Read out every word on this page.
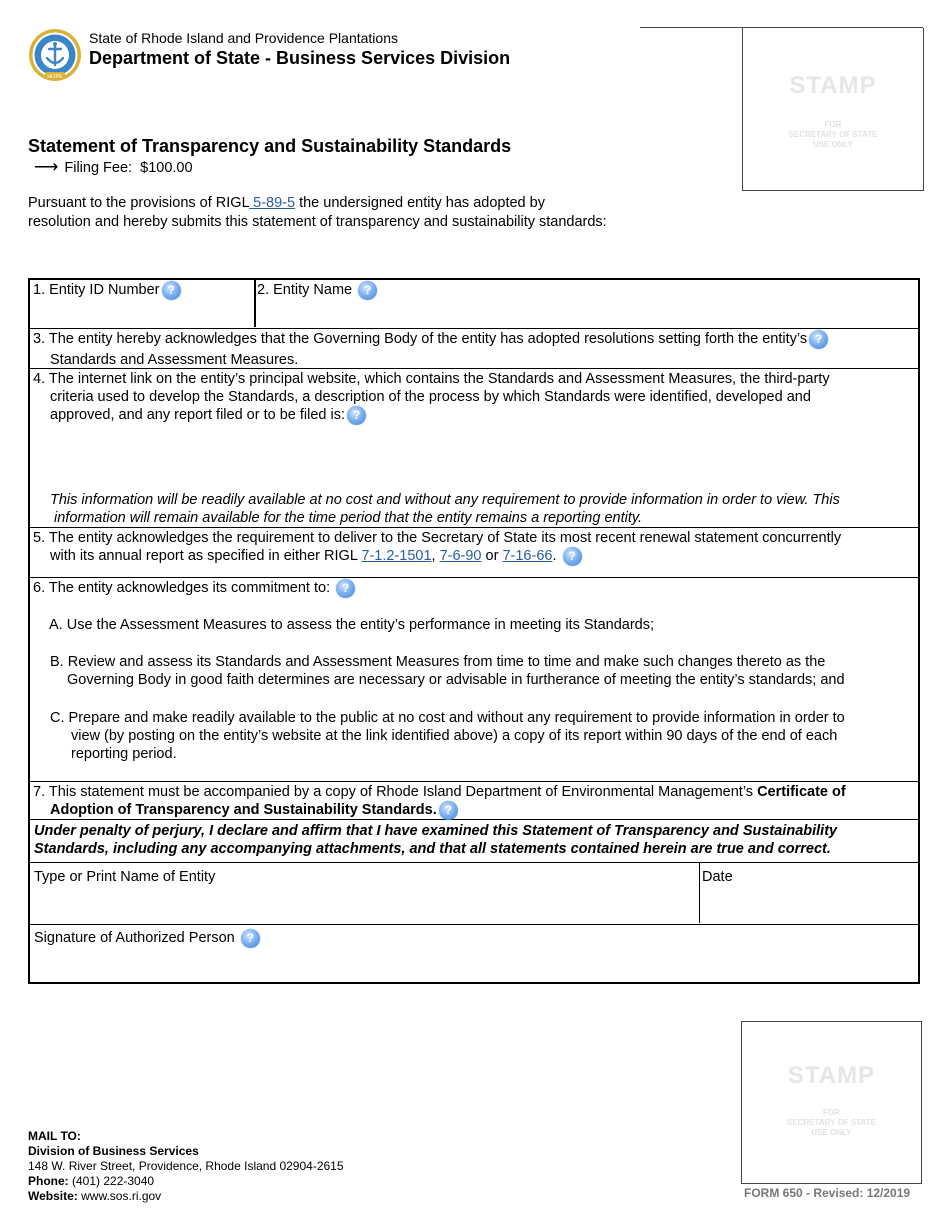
HOPE
State of Rhode Island and Providence Plantations
Department of State - Business Services Division
STAMP
FOR
SECRETARY OF STATE
USE ONLY
Statement of Transparency and Sustainability Standards
⟶ Filing Fee: $100.00
Pursuant to the provisions of RIGL 5-89-5 the undersigned entity has adopted by resolution and hereby submits this statement of transparency and sustainability standards:
1. Entity ID Number ?	2. Entity Name ?
3. The entity hereby acknowledges that the Governing Body of the entity has adopted resolutions setting forth the entity’s ?
Standards and Assessment Measures.
4. The internet link on the entity’s principal website, which contains the Standards and Assessment Measures, the third-party
criteria used to develop the Standards, a description of the process by which Standards were identified, developed and
approved, and any report filed or to be filed is: ?
This information will be readily available at no cost and without any requirement to provide information in order to view. This
information will remain available for the time period that the entity remains a reporting entity.
5. The entity acknowledges the requirement to deliver to the Secretary of State its most recent renewal statement concurrently
with its annual report as specified in either RIGL 7-1.2-1501, 7-6-90 or 7-16-66. ?
6. The entity acknowledges its commitment to: ?
A. Use the Assessment Measures to assess the entity’s performance in meeting its Standards;
B. Review and assess its Standards and Assessment Measures from time to time and make such changes thereto as the
Governing Body in good faith determines are necessary or advisable in furtherance of meeting the entity’s standards; and
C. Prepare and make readily available to the public at no cost and without any requirement to provide information in order to
view (by posting on the entity’s website at the link identified above) a copy of its report within 90 days of the end of each
reporting period.
7. This statement must be accompanied by a copy of Rhode Island Department of Environmental Management’s Certificate of
Adoption of Transparency and Sustainability Standards. ?
Under penalty of perjury, I declare and affirm that I have examined this Statement of Transparency and Sustainability
Standards, including any accompanying attachments, and that all statements contained herein are true and correct.
Type or Print Name of Entity	Date
Signature of Authorized Person ?
STAMP
FOR
SECRETARY OF STATE
USE ONLY
MAIL TO:
Division of Business Services
148 W. River Street, Providence, Rhode Island 02904-2615
Phone: (401) 222-3040
Website: www.sos.ri.gov	FORM 650 - Revised: 12/2019
